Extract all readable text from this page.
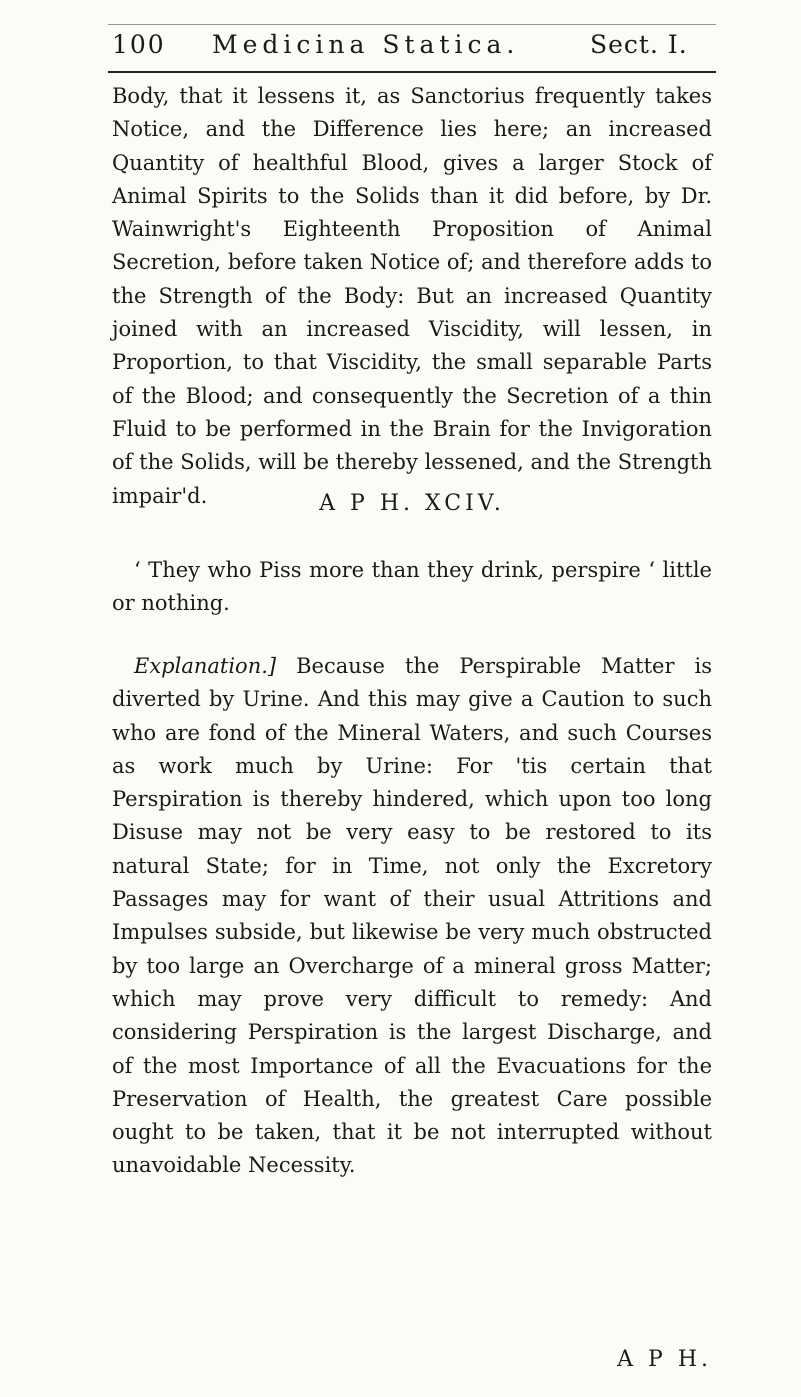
100 Medicina Statica.	Sect. I.

Body, that it lessens it, as Sanctorius frequently takes Notice, and the Difference lies here; an increased Quantity of healthful Blood, gives a larger Stock of Animal Spirits to the Solids than it did before, by Dr. Wainwright's Eighteenth Proposition of Animal Secretion, before taken Notice of; and therefore adds to the Strength of the Body: But an increased Quantity joined with an increased Viscidity, will lessen, in Proportion, to that Viscidity, the small separable Parts of the Blood; and consequently the Secretion of a thin Fluid to be performed in the Brain for the Invigoration of the Solids, will be thereby lessened, and the Strength impair'd.	A P H. XCIV.

‘ They who Piss more than they drink, perspire ‘ little or nothing.

Explanation.] Because the Perspirable Matter is diverted by Urine. And this may give a Caution to such who are fond of the Mineral Waters, and such Courses as work much by Urine: For 'tis certain that Perspiration is thereby hindered, which upon too long Disuse may not be very easy to be restored to its natural State; for in Time, not only the Excretory Passages may for want of their usual Attritions and Impulses subside, but likewise be very much obstructed by too large an Overcharge of a mineral gross Matter; which may prove very difficult to remedy: And considering Perspiration is the largest Discharge, and of the most Importance of all the Evacuations for the Preservation of Health, the greatest Care possible ought to be taken, that it be not interrupted without unavoidable Necessity.

A P H.
